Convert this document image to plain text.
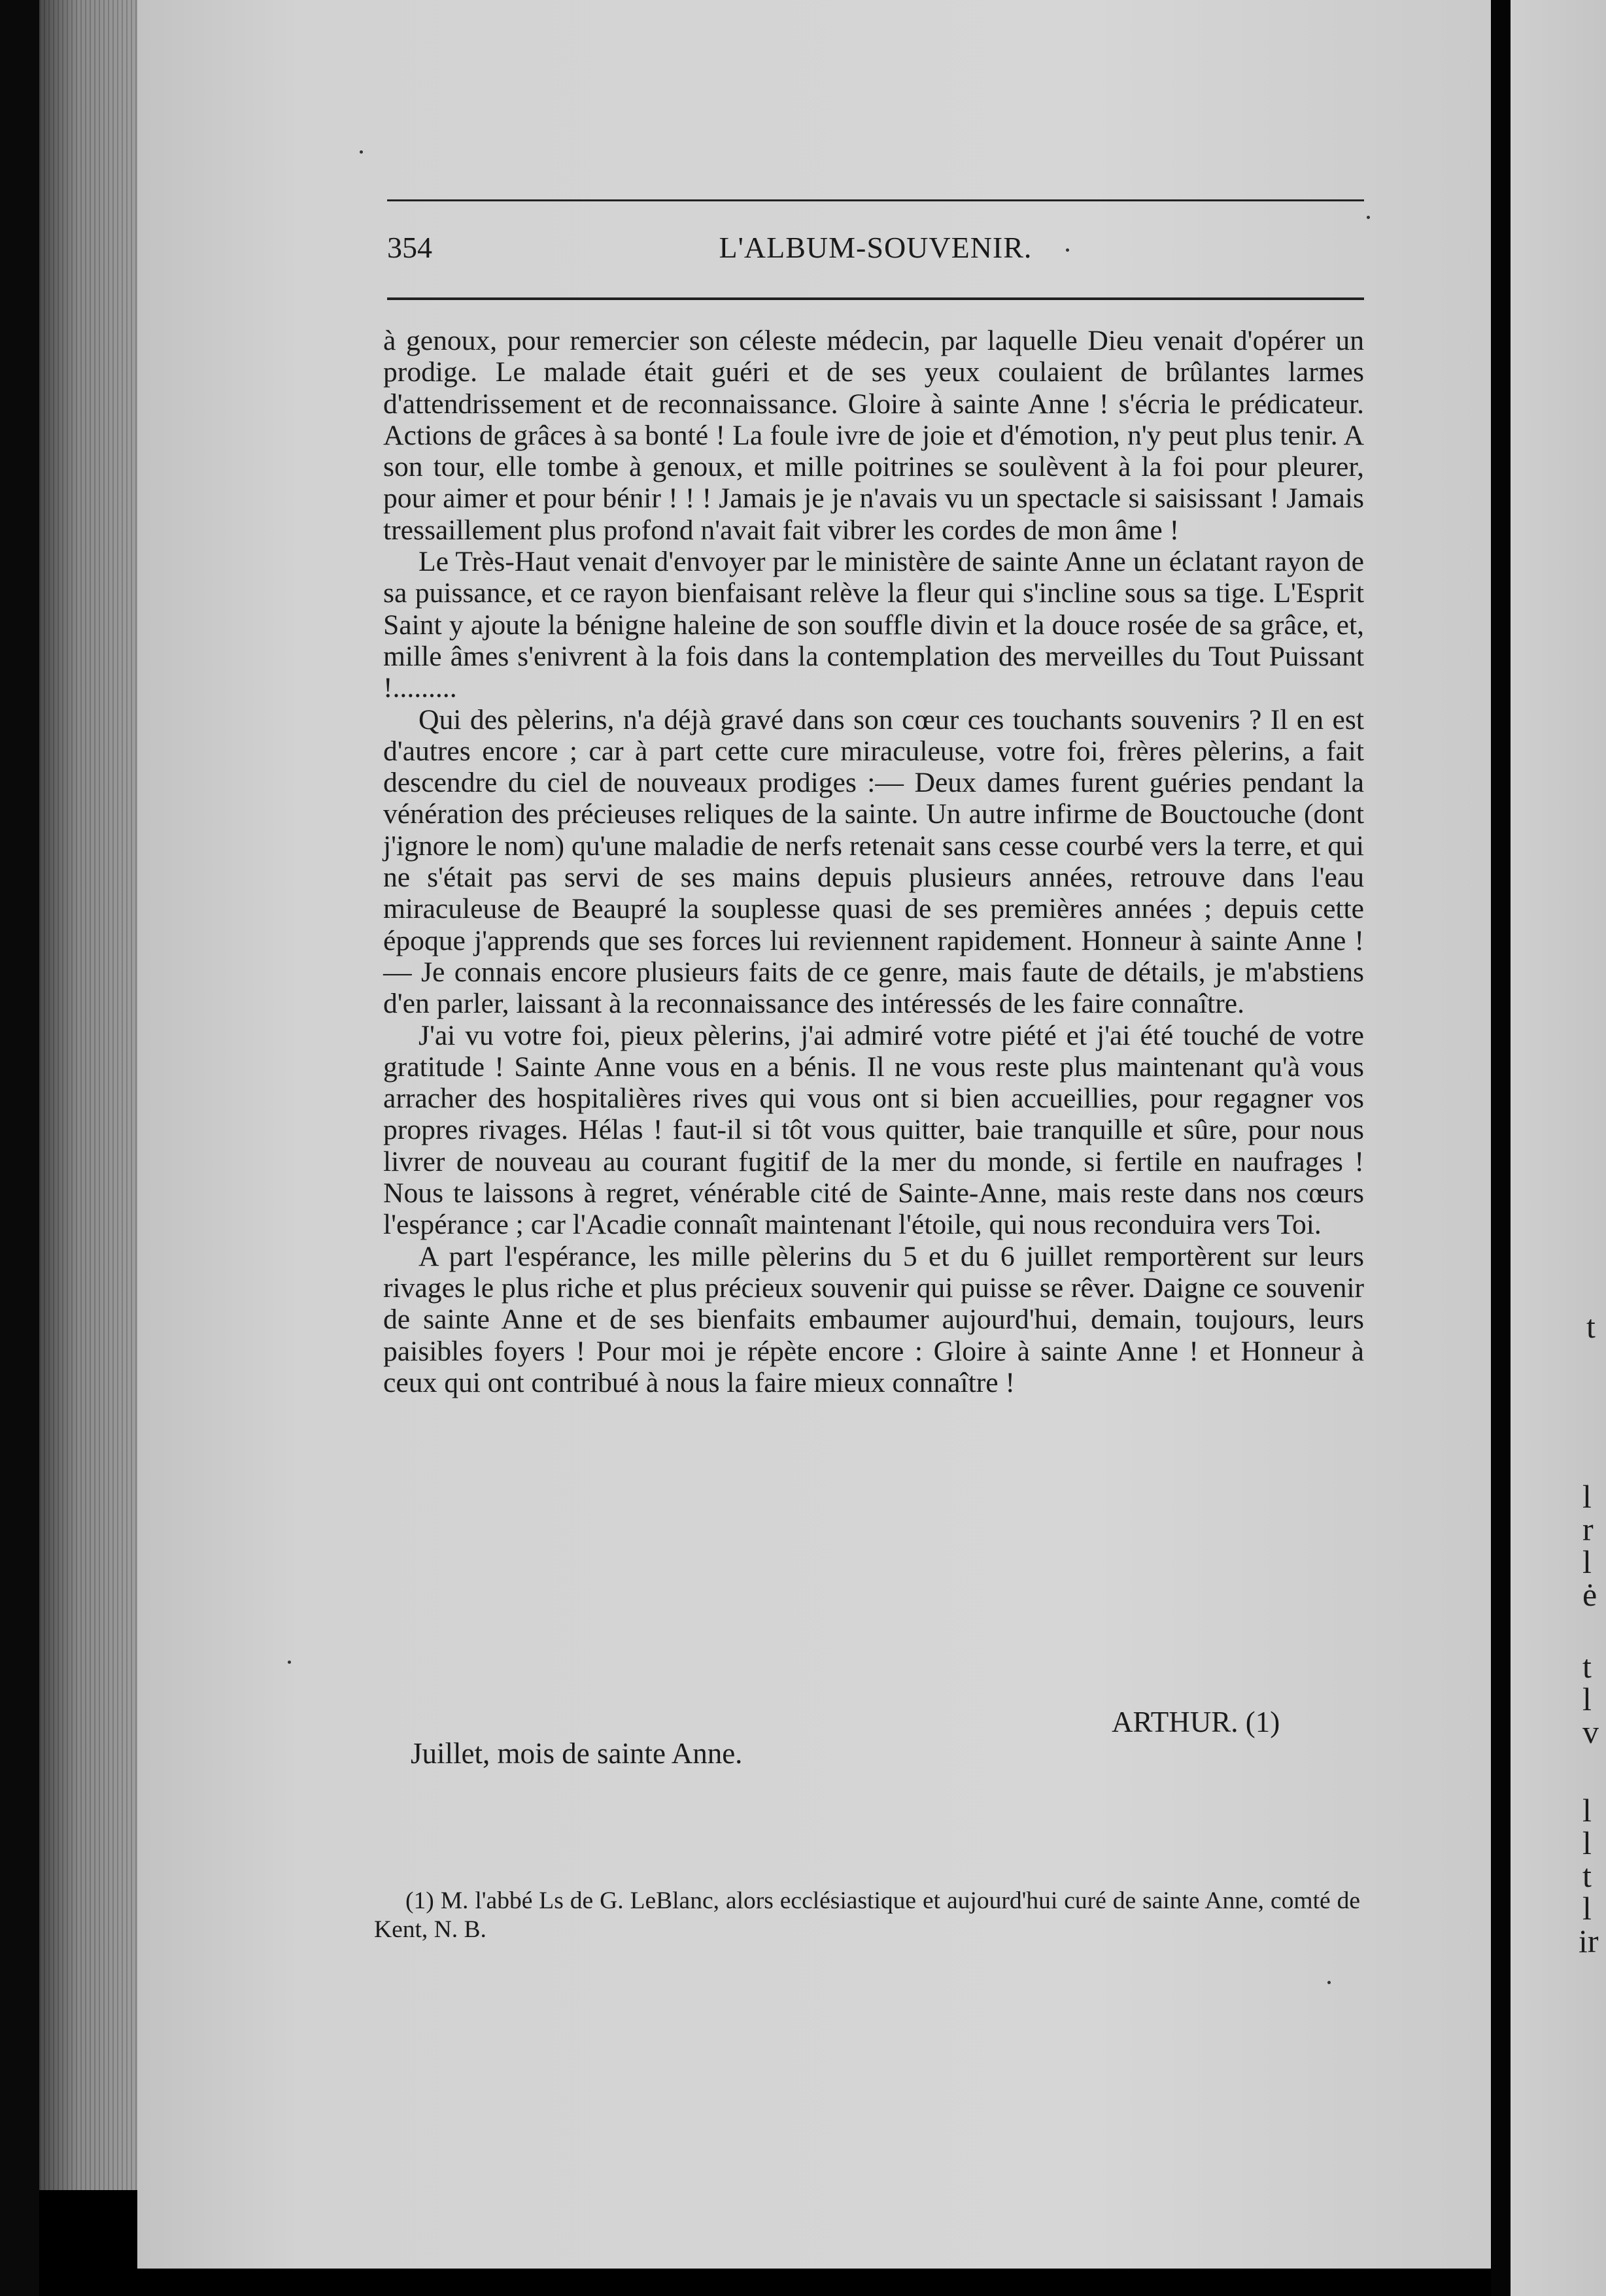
354	L'ALBUM-SOUVENIR.

à genoux, pour remercier son céleste médecin, par laquelle Dieu venait d'opérer un prodige. Le malade était guéri et de ses yeux coulaient de brûlantes larmes d'attendrissement et de reconnaissance. Gloire à sainte Anne ! s'écria le prédicateur. Actions de grâces à sa bonté ! La foule ivre de joie et d'émotion, n'y peut plus tenir. A son tour, elle tombe à genoux, et mille poitrines se soulèvent à la foi pour pleurer, pour aimer et pour bénir ! ! ! Jamais je je n'avais vu un spectacle si saisissant ! Jamais tressaillement plus profond n'avait fait vibrer les cordes de mon âme !

Le Très-Haut venait d'envoyer par le ministère de sainte Anne un éclatant rayon de sa puissance, et ce rayon bienfaisant relève la fleur qui s'incline sous sa tige. L'Esprit Saint y ajoute la bénigne haleine de son souffle divin et la douce rosée de sa grâce, et, mille âmes s'enivrent à la fois dans la contemplation des merveilles du Tout Puissant !.........

Qui des pèlerins, n'a déjà gravé dans son cœur ces touchants souvenirs ? Il en est d'autres encore ; car à part cette cure miraculeuse, votre foi, frères pèlerins, a fait descendre du ciel de nouveaux prodiges :— Deux dames furent guéries pendant la vénération des précieuses reliques de la sainte. Un autre infirme de Bouctouche (dont j'ignore le nom) qu'une maladie de nerfs retenait sans cesse courbé vers la terre, et qui ne s'était pas servi de ses mains depuis plusieurs années, retrouve dans l'eau miraculeuse de Beaupré la souplesse quasi de ses premières années ; depuis cette époque j'apprends que ses forces lui reviennent rapidement. Honneur à sainte Anne ! — Je connais encore plusieurs faits de ce genre, mais faute de détails, je m'abstiens d'en parler, laissant à la reconnaissance des intéressés de les faire connaître.

J'ai vu votre foi, pieux pèlerins, j'ai admiré votre piété et j'ai été touché de votre gratitude ! Sainte Anne vous en a bénis. Il ne vous reste plus maintenant qu'à vous arracher des hospitalières rives qui vous ont si bien accueillies, pour regagner vos propres rivages. Hélas ! faut-il si tôt vous quitter, baie tranquille et sûre, pour nous livrer de nouveau au courant fugitif de la mer du monde, si fertile en naufrages ! Nous te laissons à regret, vénérable cité de Sainte-Anne, mais reste dans nos cœurs l'espérance ; car l'Acadie connaît maintenant l'étoile, qui nous reconduira vers Toi.

A part l'espérance, les mille pèlerins du 5 et du 6 juillet remportèrent sur leurs rivages le plus riche et plus précieux souvenir qui puisse se rêver. Daigne ce souvenir de sainte Anne et de ses bienfaits embaumer aujourd'hui, demain, toujours, leurs paisibles foyers ! Pour moi je répète encore : Gloire à sainte Anne ! et Honneur à ceux qui ont contribué à nous la faire mieux connaître !

ARTHUR. (1)
Juillet, mois de sainte Anne.
(1) M. l'abbé Ls de G. LeBlanc, alors ecclésiastique et aujourd'hui curé de sainte Anne, comté de Kent, N. B.
t
l
r
l
ė
t
l
v
l
l
t
l
ir
